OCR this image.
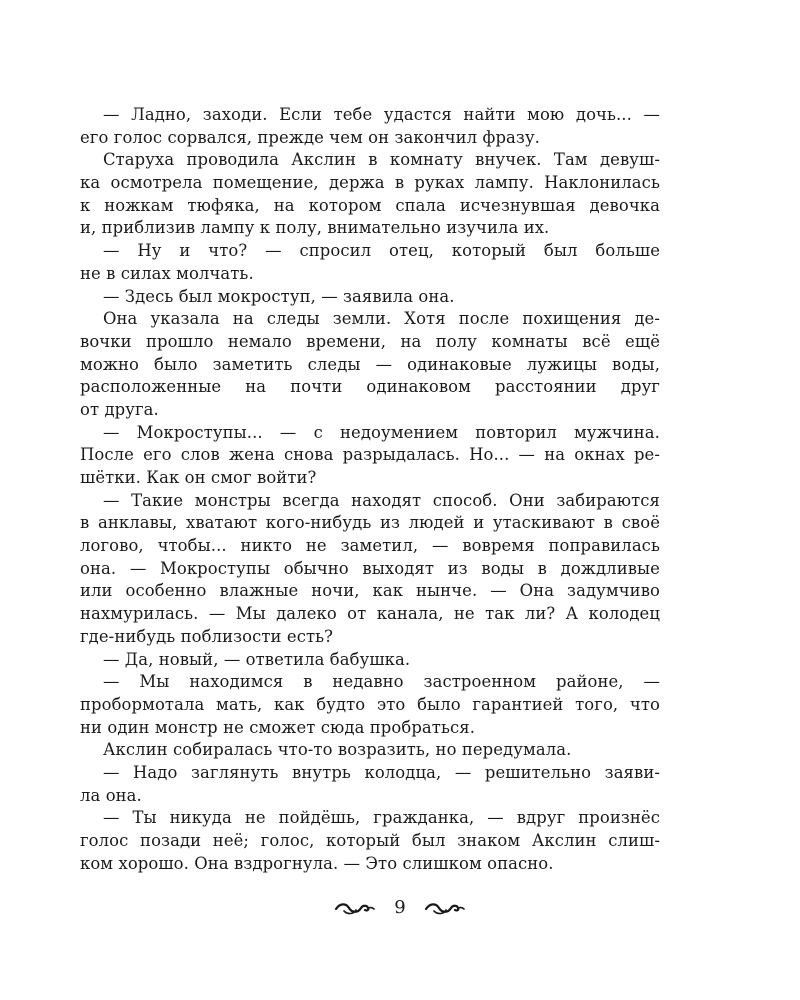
— Ладно, заходи. Если тебе удастся найти мою дочь... —
его голос сорвался, прежде чем он закончил фразу.
Старуха проводила Акслин в комнату внучек. Там девуш-
ка осмотрела помещение, держа в руках лампу. Наклонилась
к ножкам тюфяка, на котором спала исчезнувшая девочка
и, приблизив лампу к полу, внимательно изучила их.
— Ну и что? — спросил отец, который был больше
не в силах молчать.
— Здесь был мокроступ, — заявила она.
Она указала на следы земли. Хотя после похищения де-
вочки прошло немало времени, на полу комнаты всё ещё
можно было заметить следы — одинаковые лужицы воды,
расположенные на почти одинаковом расстоянии друг
от друга.
— Мокроступы... — с недоумением повторил мужчина.
После его слов жена снова разрыдалась. Но... — на окнах ре-
шётки. Как он смог войти?
— Такие монстры всегда находят способ. Они забираются
в анклавы, хватают кого-нибудь из людей и утаскивают в своё
логово, чтобы... никто не заметил, — вовремя поправилась
она. — Мокроступы обычно выходят из воды в дождливые
или особенно влажные ночи, как нынче. — Она задумчиво
нахмурилась. — Мы далеко от канала, не так ли? А колодец
где-нибудь поблизости есть?
— Да, новый, — ответила бабушка.
— Мы находимся в недавно застроенном районе, —
пробормотала мать, как будто это было гарантией того, что
ни один монстр не сможет сюда пробраться.
Акслин собиралась что-то возразить, но передумала.
— Надо заглянуть внутрь колодца, — решительно заяви-
ла она.
— Ты никуда не пойдёшь, гражданка, — вдруг произнёс
голос позади неё; голос, который был знаком Акслин слиш-
ком хорошо. Она вздрогнула. — Это слишком опасно.
9
